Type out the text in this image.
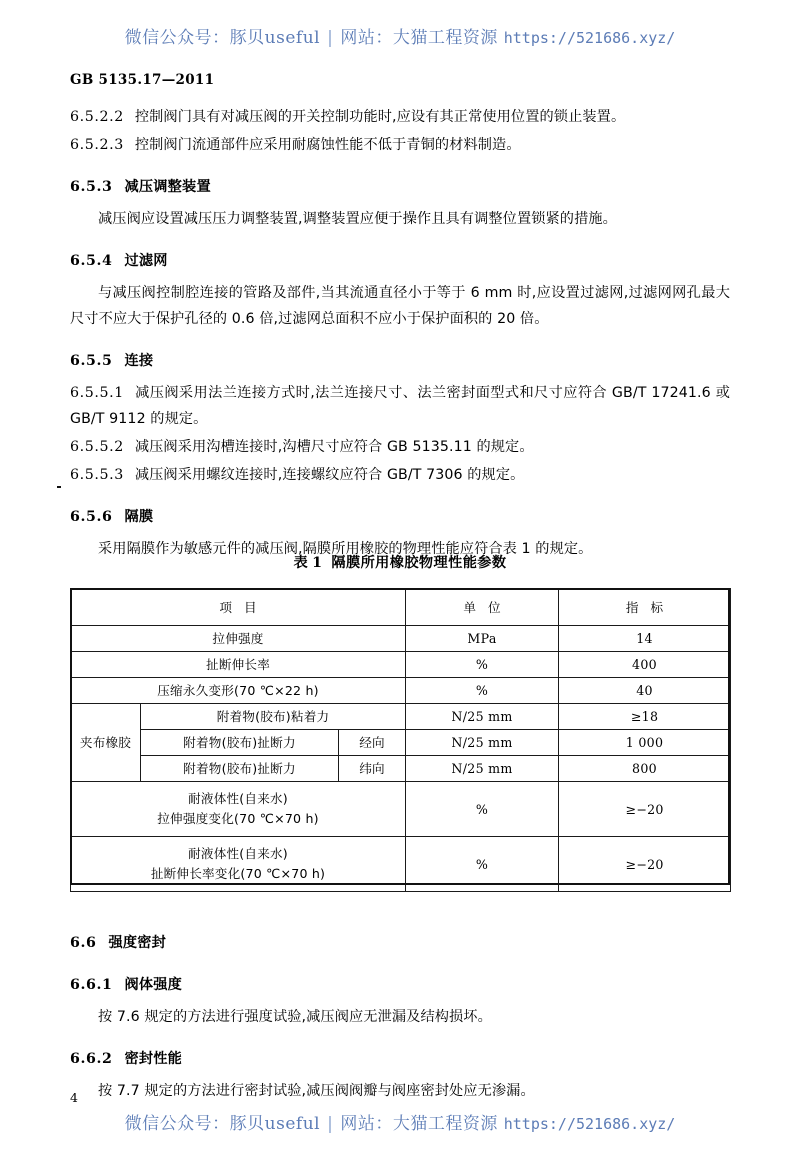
微信公众号：豚贝useful | 网站：大猫工程资源 https://521686.xyz/
GB 5135.17—2011

6.5.2.2 控制阀门具有对减压阀的开关控制功能时,应设有其正常使用位置的锁止装置。

6.5.2.3 控制阀门流通部件应采用耐腐蚀性能不低于青铜的材料制造。

6.5.3 减压调整装置

减压阀应设置减压压力调整装置,调整装置应便于操作且具有调整位置锁紧的措施。

6.5.4 过滤网

与减压阀控制腔连接的管路及部件,当其流通直径小于等于 6 mm 时,应设置过滤网,过滤网网孔最大尺寸不应大于保护孔径的 0.6 倍,过滤网总面积不应小于保护面积的 20 倍。

6.5.5 连接

6.5.5.1 减压阀采用法兰连接方式时,法兰连接尺寸、法兰密封面型式和尺寸应符合 GB/T 17241.6 或 GB/T 9112 的规定。

6.5.5.2 减压阀采用沟槽连接时,沟槽尺寸应符合 GB 5135.11 的规定。

6.5.5.3 减压阀采用螺纹连接时,连接螺纹应符合 GB/T 7306 的规定。

6.5.6 隔膜

采用隔膜作为敏感元件的减压阀,隔膜所用橡胶的物理性能应符合表 1 的规定。

表 1 隔膜所用橡胶物理性能参数
项 目			单 位	指 标
拉伸强度			MPa	14
扯断伸长率			%	400
压缩永久变形(70 ℃×22 h)			%	40
夹布橡胶	附着物(胶布)粘着力		N/25 mm	≥18
	附着物(胶布)扯断力	经向	N/25 mm	1 000
	附着物(胶布)扯断力	纬向	N/25 mm	800

耐液体性(自来水)
拉伸强度变化(70 ℃×70 h)			%	≥−20

耐液体性(自来水)
扯断伸长率变化(70 ℃×70 h)			%	≥−20
6.6 强度密封
6.6.1 阀体强度

按 7.6 规定的方法进行强度试验,减压阀应无泄漏及结构损坏。

6.6.2 密封性能

按 7.7 规定的方法进行密封试验,减压阀阀瓣与阀座密封处应无渗漏。

4
微信公众号：豚贝useful | 网站：大猫工程资源 https://521686.xyz/
